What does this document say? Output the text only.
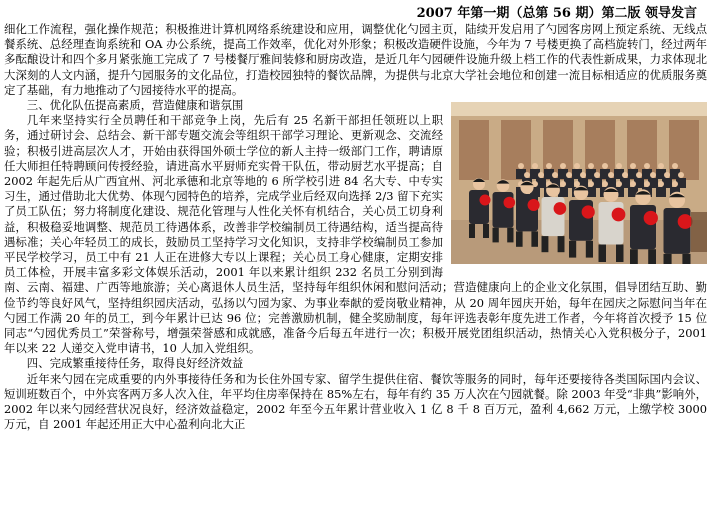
2007 年第一期（总第 56 期）第二版 领导发言

细化工作流程，强化操作规范；积极推进计算机网络系统建设和应用，调整优化勺园主页，陆续开发启用了勺园客房网上预定系统、无线点餐系统、总经理查询系统和 OA 办公系统，提高工作效率，优化对外形象；积极改造硬件设施，今年为 7 号楼更换了高档旋转门，经过两年多酝酿设计和四个多月紧张施工完成了 7 号楼餐厅雅间装修和厨房改造，是近几年勺园硬件设施升级上档工作的代表性新成果，力求体现北大深刻的人文内涵，提升勺园服务的文化品位，打造校园独特的餐饮品牌，为提供与北京大学社会地位和创建一流目标相适应的优质服务奠定了基础，有力地推动了勺园接待水平的提高。

三、优化队伍提高素质，营造健康和谐氛围

几年来坚持实行全员聘任和干部竞争上岗，先后有 25 名新干部担任领班以上职务，通过研讨会、总结会、新干部专题交流会等组织干部学习理论、更新观念、交流经验；积极引进高层次人才，开始由获得国外硕士学位的新人主持一级部门工作，聘请原任大师担任特聘顾问传授经验，请进高水平厨师充实骨干队伍，带动厨艺水平提高；自 2002 年起先后从广西宜州、河北承德和北京等地的 6 所学校引进 84 名大专、中专实习生，通过借助北大优势、体现勺园特色的培养，完成学业后经双向选择 2/3 留下充实了员工队伍；努力将制度化建设、规范化管理与人性化关怀有机结合，关心员工切身利益，积极稳妥地调整、规范员工待遇体系，改善非学校编制员工待遇结构，适当提高待遇标准；关心年轻员工的成长，鼓励员工坚持学习文化知识，支持非学校编制员工参加平民学校学习，员工中有 21 人正在进修大专以上课程；关心员工身心健康，定期安排员工体检，开展丰富多彩文体娱乐活动，2001 年以来累计组织 232 名员工分别到海南、云南、福建、广西等地旅游；关心离退休人员生活，坚持每年组织休闲和慰问活动；营造健康向上的企业文化氛围，倡导团结互助、勤俭节约等良好风气，坚持组织园庆活动，弘扬以勺园为家、为事业奉献的爱岗敬业精神，从 20 周年园庆开始，每年在园庆之际慰问当年在勺园工作满 20 年的员工，到今年累计已达 96 位；完善激励机制，健全奖励制度，每年评选表彰年度先进工作者，今年将首次授予 15 位同志“勺园优秀员工”荣誉称号，增强荣誉感和成就感，准备今后每五年进行一次；积极开展党团组织活动，热情关心入党积极分子，2001 年以来 22 人递交入党申请书，10 人加入党组织。

四、完成繁重接待任务，取得良好经济效益

近年来勺园在完成重要的内外事接待任务和为长住外国专家、留学生提供住宿、餐饮等服务的同时，每年还要接待各类国际国内会议、短训班数百个，中外宾客两万多人次入住，年平均住房率保持在 85%左右，每年有约 35 万人次在勺园就餐。除 2003 年受“非典”影响外，2002 年以来勺园经营状况良好，经济效益稳定，2002 年至今五年累计营业收入 1 亿 8 千 8 百万元，盈利 4,662 万元，上缴学校 3000 万元，自 2001 年起还用正大中心盈利向北大正
